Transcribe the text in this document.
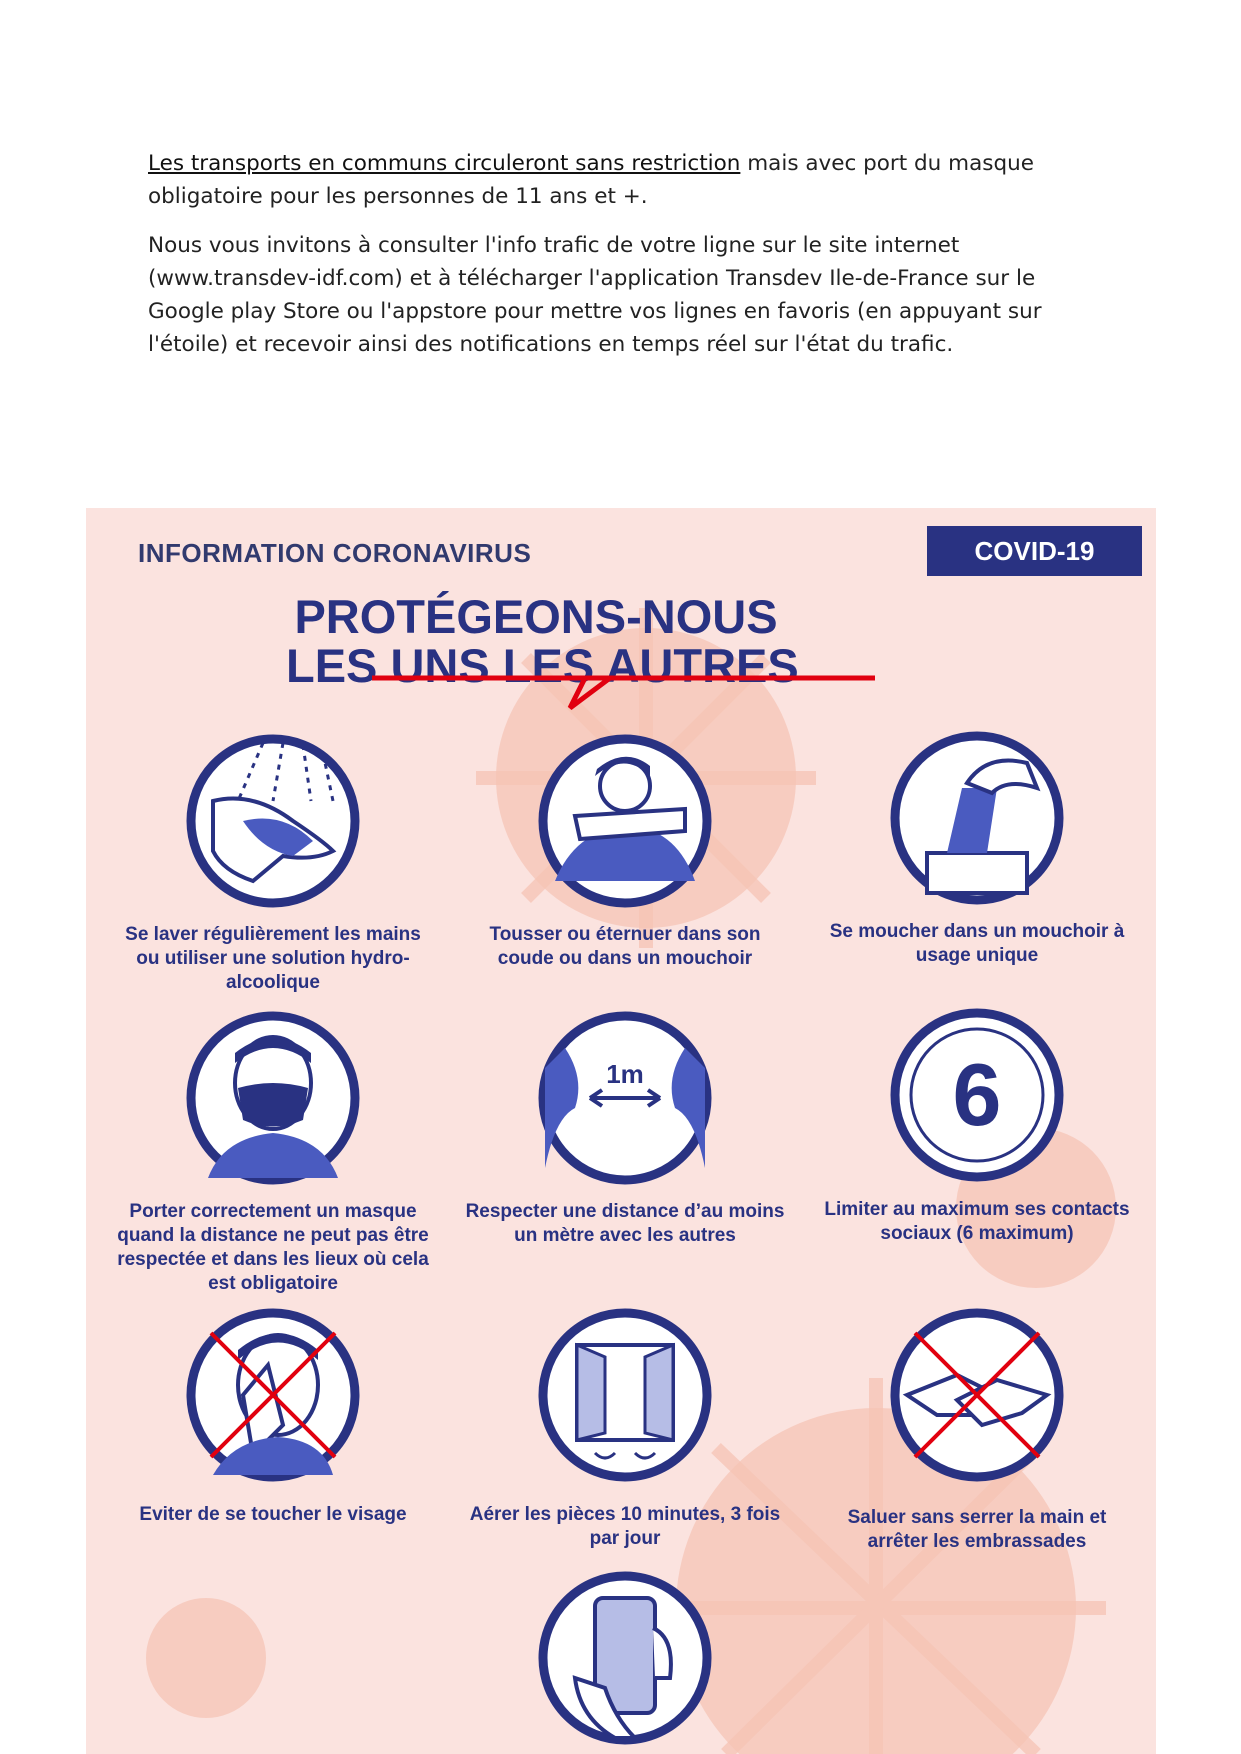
Les transports en communs circuleront sans restriction mais avec port du masque obligatoire pour les personnes de 11 ans et +.

Nous vous invitons à consulter l'info trafic de votre ligne sur le site internet (www.transdev-idf.com) et à télécharger l'application Transdev Ile-de-France sur le Google play Store ou l'appstore pour mettre vos lignes en favoris (en appuyant sur l'étoile) et recevoir ainsi des notifications en temps réel sur l'état du trafic.

INFORMATION CORONAVIRUS	COVID-19
PROTÉGEONS-NOUS
LES UNS LES AUTRES
Se laver régulièrement les mains ou utiliser une solution hydro-alcoolique
Tousser ou éternuer dans son coude ou dans un mouchoir
Se moucher dans un mouchoir à usage unique
Porter correctement un masque quand la distance ne peut pas être respectée et dans les lieux où cela est obligatoire
1m
Respecter une distance d’au moins un mètre avec les autres
6
Limiter au maximum ses contacts sociaux (6 maximum)
Eviter de se toucher le visage	Aérer les pièces 10 minutes, 3 fois par jour
Saluer sans serrer la main et arrêter les embrassades
